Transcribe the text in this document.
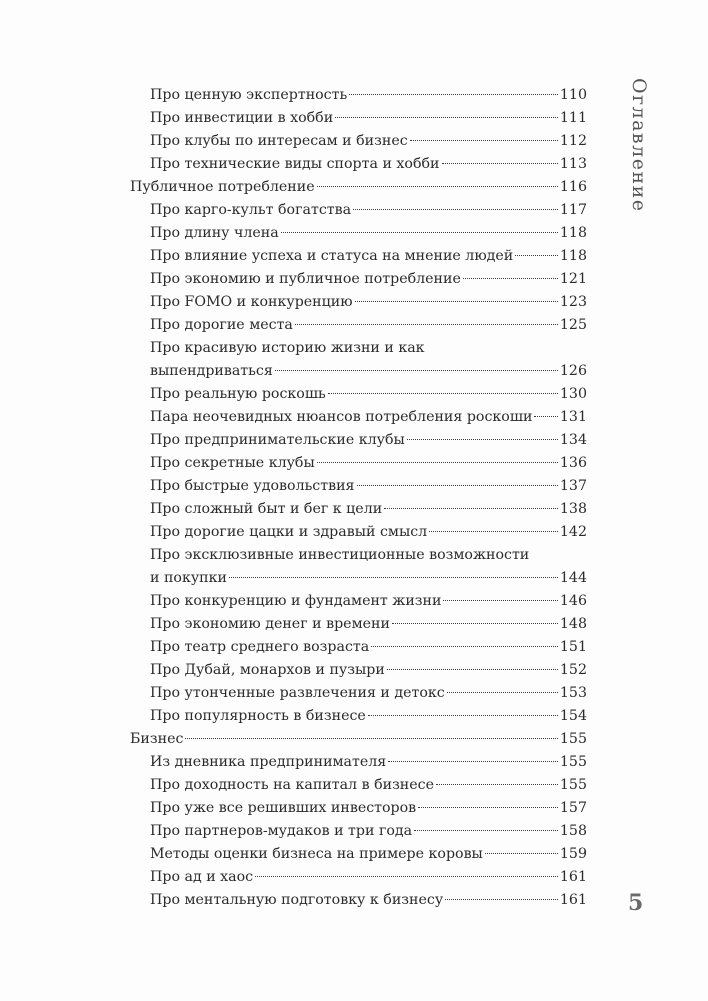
Про ценную экспертность	110
Про инвестиции в хобби	111
Про клубы по интересам и бизнес	112
Про технические виды спорта и хобби	113
Публичное потребление	116
Про карго-культ богатства	117
Про длину члена	118
Про влияние успеха и статуса на мнение людей	118
Про экономию и публичное потребление	121
Про FOMO и конкуренцию	123
Про дорогие места	125
Про красивую историю жизни и как
выпендриваться	126
Про реальную роскошь	130
Пара неочевидных нюансов потребления роскоши 131
Про предпринимательские клубы	134
Про секретные клубы	136
Про быстрые удовольствия	137
Про сложный быт и бег к цели	138
Про дорогие цацки и здравый смысл	142
Про эксклюзивные инвестиционные возможности
и покупки	144
Про конкуренцию и фундамент жизни	146
Про экономию денег и времени	148
Про театр среднего возраста	151
Про Дубай, монархов и пузыри	152
Про утонченные развлечения и детокс	153
Про популярность в бизнесе	154
Бизнес	155
Из дневника предпринимателя	155
Про доходность на капитал в бизнесе	155
Про уже все решивших инвесторов	157
Про партнеров-мудаков и три года	158
Методы оценки бизнеса на примере коровы	159
Про ад и хаос	161
Про ментальную подготовку к бизнесу	161
Оглавление
5
